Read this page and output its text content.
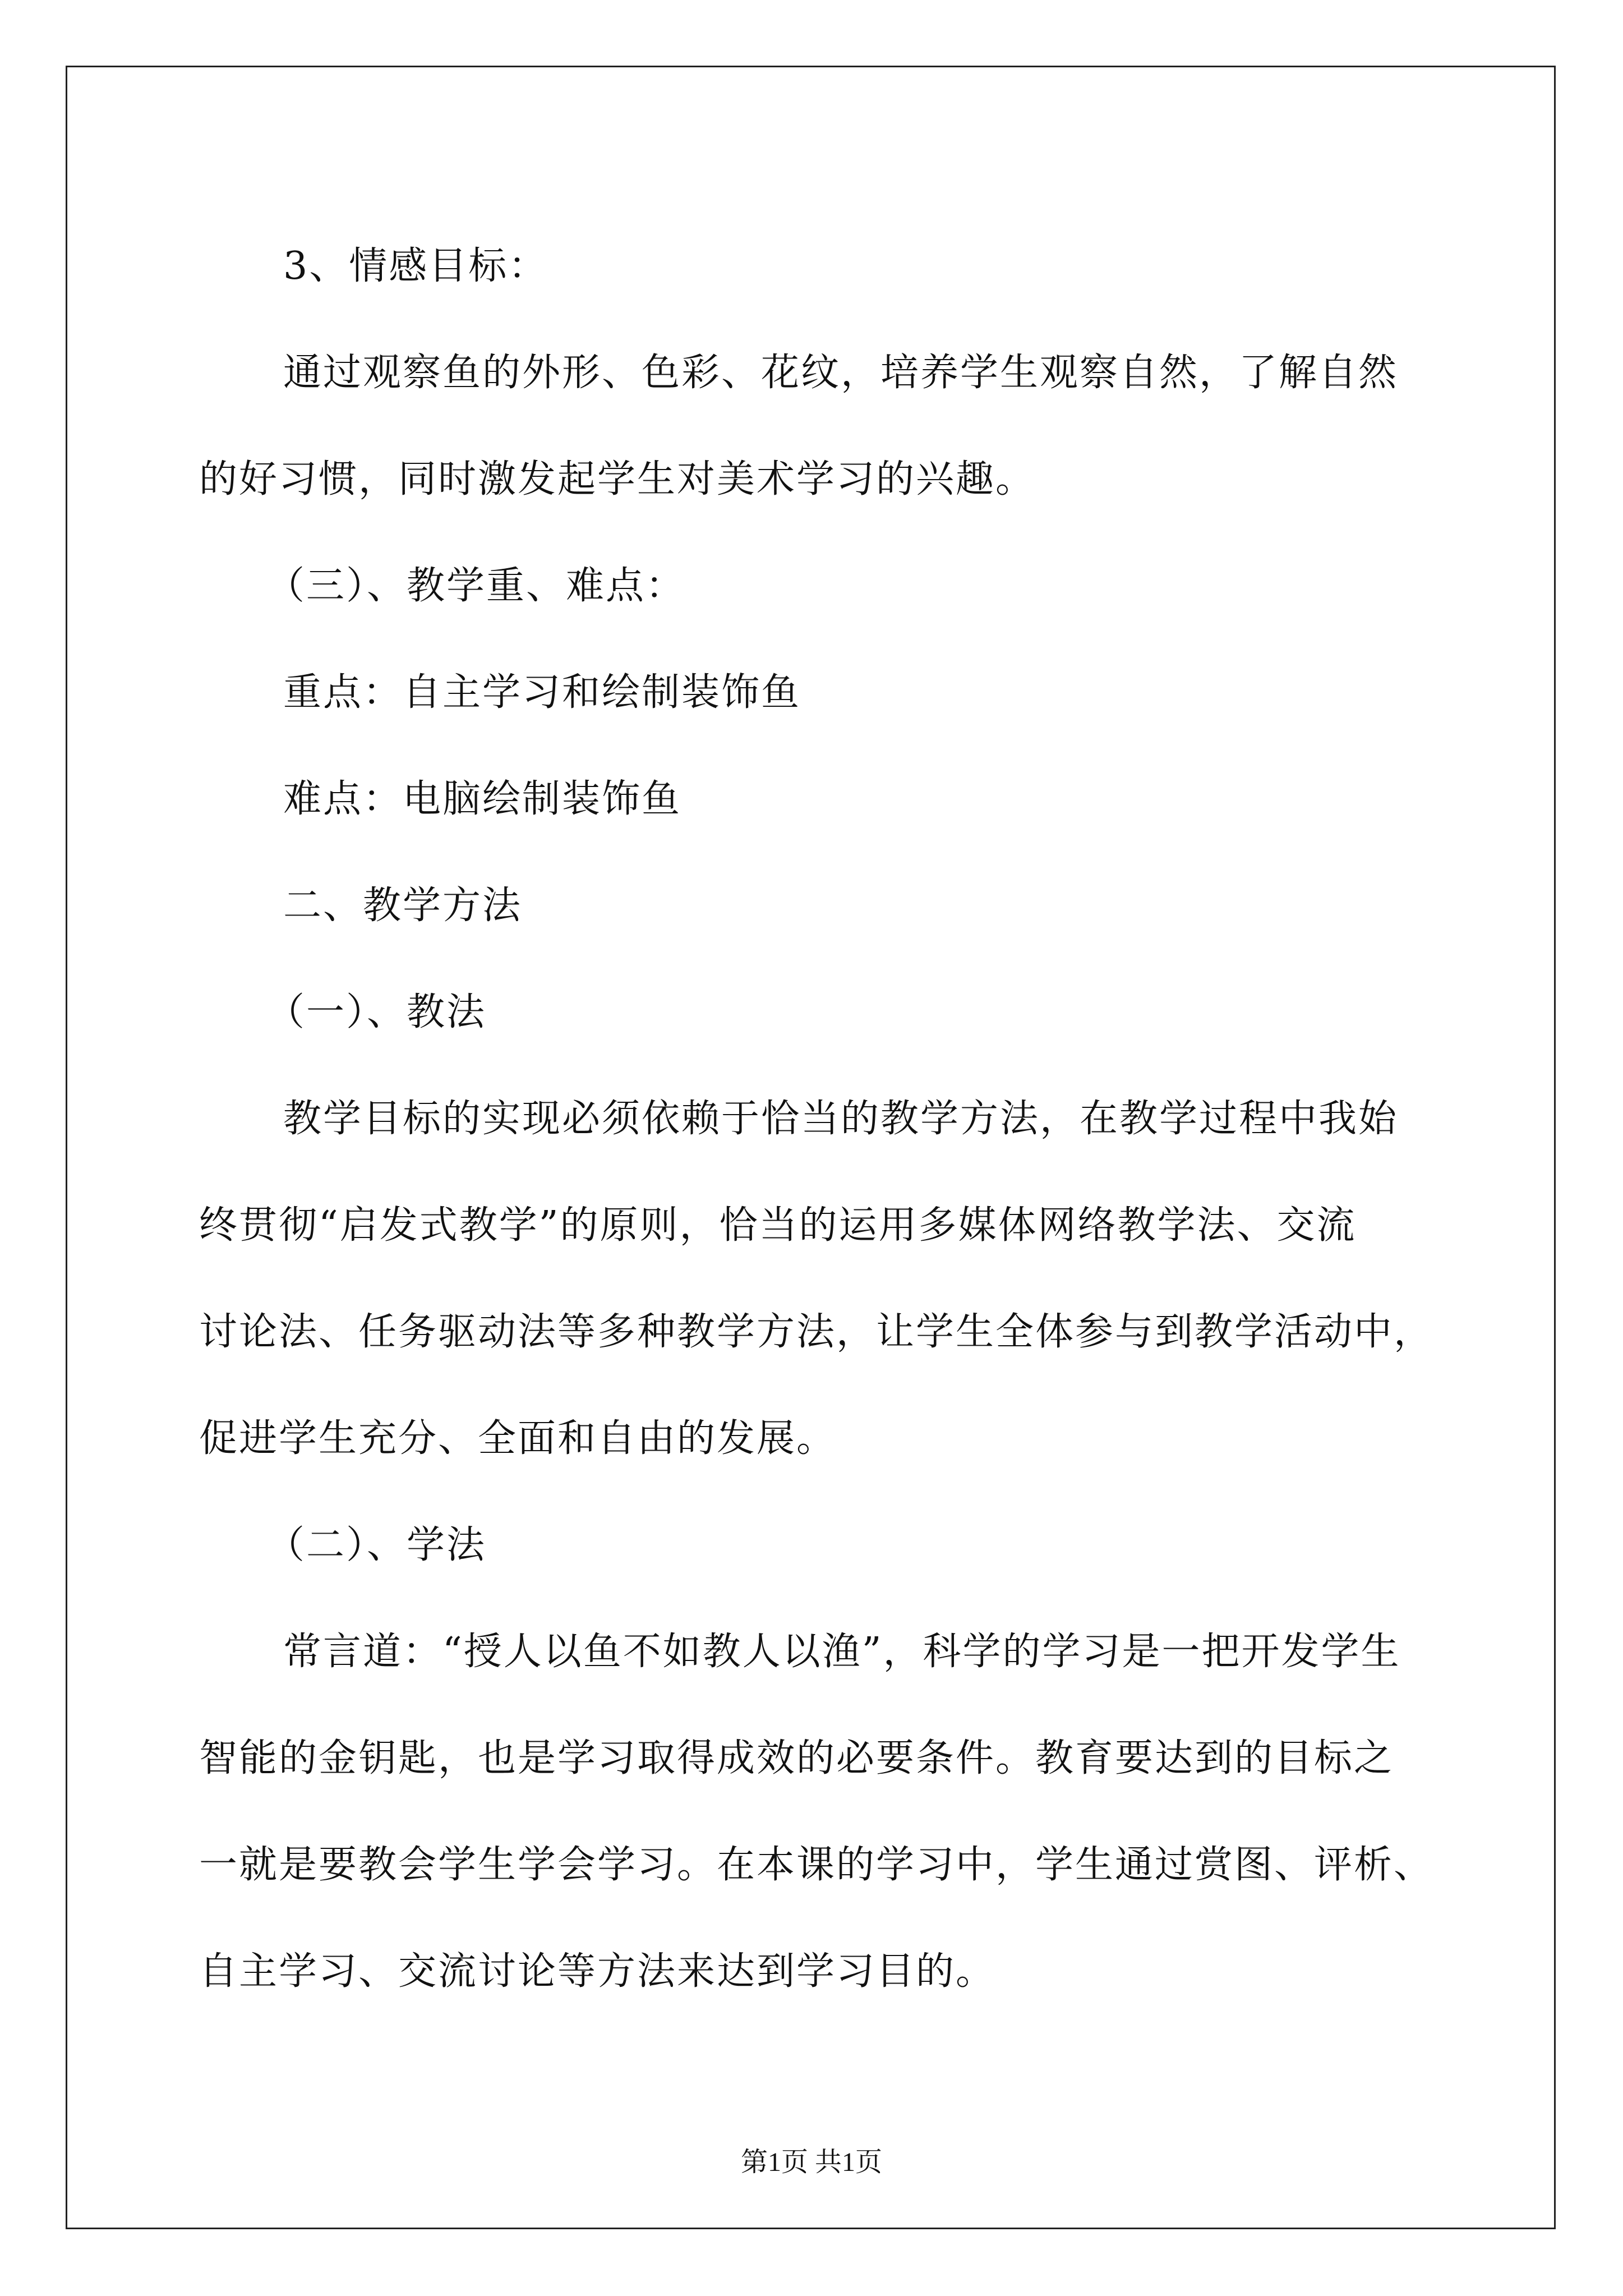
3、情感目标：
通过观察鱼的外形、色彩、花纹，培养学生观察自然，了解自然
的好习惯，同时激发起学生对美术学习的兴趣。
（三）、教学重、难点：
重点：自主学习和绘制装饰鱼
难点：电脑绘制装饰鱼
二、教学方法
（一）、教法
教学目标的实现必须依赖于恰当的教学方法，在教学过程中我始
终贯彻“启发式教学”的原则，恰当的运用多媒体网络教学法、交流
讨论法、任务驱动法等多种教学方法，让学生全体参与到教学活动中，
促进学生充分、全面和自由的发展。
（二）、学法
常言道：“授人以鱼不如教人以渔”，科学的学习是一把开发学生
智能的金钥匙，也是学习取得成效的必要条件。教育要达到的目标之
一就是要教会学生学会学习。在本课的学习中，学生通过赏图、评析、
自主学习、交流讨论等方法来达到学习目的。
第1页 共1页
